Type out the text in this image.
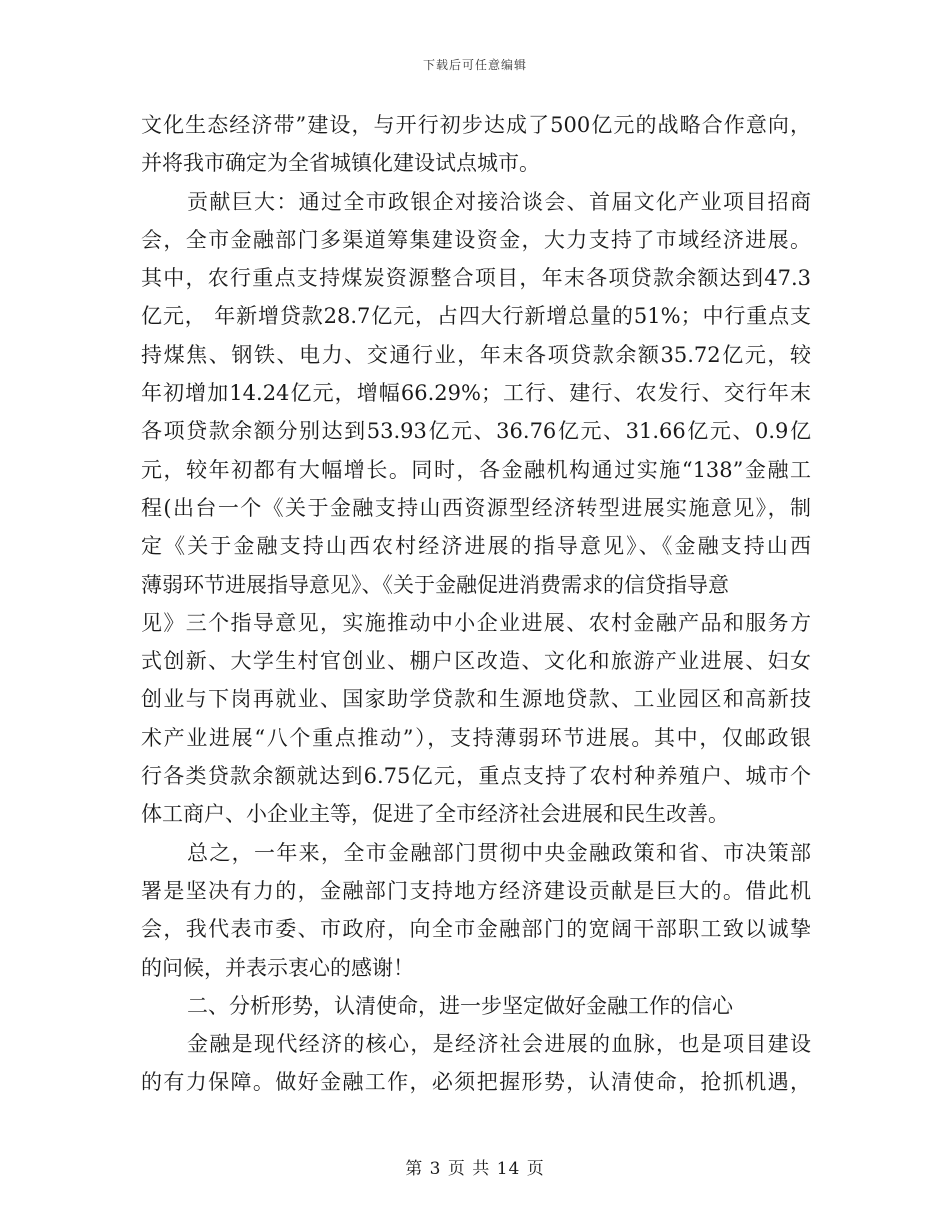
下载后可任意编辑
文化生态经济带”建设，与开行初步达成了500亿元的战略合作意向，
并将我市确定为全省城镇化建设试点城市。
贡献巨大：通过全市政银企对接洽谈会、首届文化产业项目招商
会，全市金融部门多渠道筹集建设资金，大力支持了市域经济进展。
其中，农行重点支持煤炭资源整合项目，年末各项贷款余额达到47.3
亿元， 年新增贷款28.7亿元，占四大行新增总量的51%；中行重点支
持煤焦、钢铁、电力、交通行业，年末各项贷款余额35.72亿元，较
年初增加14.24亿元，增幅66.29%；工行、建行、农发行、交行年末
各项贷款余额分别达到53.93亿元、36.76亿元、31.66亿元、0.9亿
元，较年初都有大幅增长。同时，各金融机构通过实施“138”金融工
程(出台一个《关于金融支持山西资源型经济转型进展实施意见》，制
定《关于金融支持山西农村经济进展的指导意见》、《金融支持山西
薄弱环节进展指导意见》、《关于金融促进消费需求的信贷指导意
见》三个指导意见，实施推动中小企业进展、农村金融产品和服务方
式创新、大学生村官创业、棚户区改造、文化和旅游产业进展、妇女
创业与下岗再就业、国家助学贷款和生源地贷款、工业园区和高新技
术产业进展“八个重点推动”），支持薄弱环节进展。其中，仅邮政银
行各类贷款余额就达到6.75亿元，重点支持了农村种养殖户、城市个
体工商户、小企业主等，促进了全市经济社会进展和民生改善。
总之，一年来，全市金融部门贯彻中央金融政策和省、市决策部
署是坚决有力的，金融部门支持地方经济建设贡献是巨大的。借此机
会，我代表市委、市政府，向全市金融部门的宽阔干部职工致以诚挚
的问候，并表示衷心的感谢！
二、分析形势，认清使命，进一步坚定做好金融工作的信心
金融是现代经济的核心，是经济社会进展的血脉，也是项目建设
的有力保障。做好金融工作，必须把握形势，认清使命，抢抓机遇，
第 3 页 共 14 页
